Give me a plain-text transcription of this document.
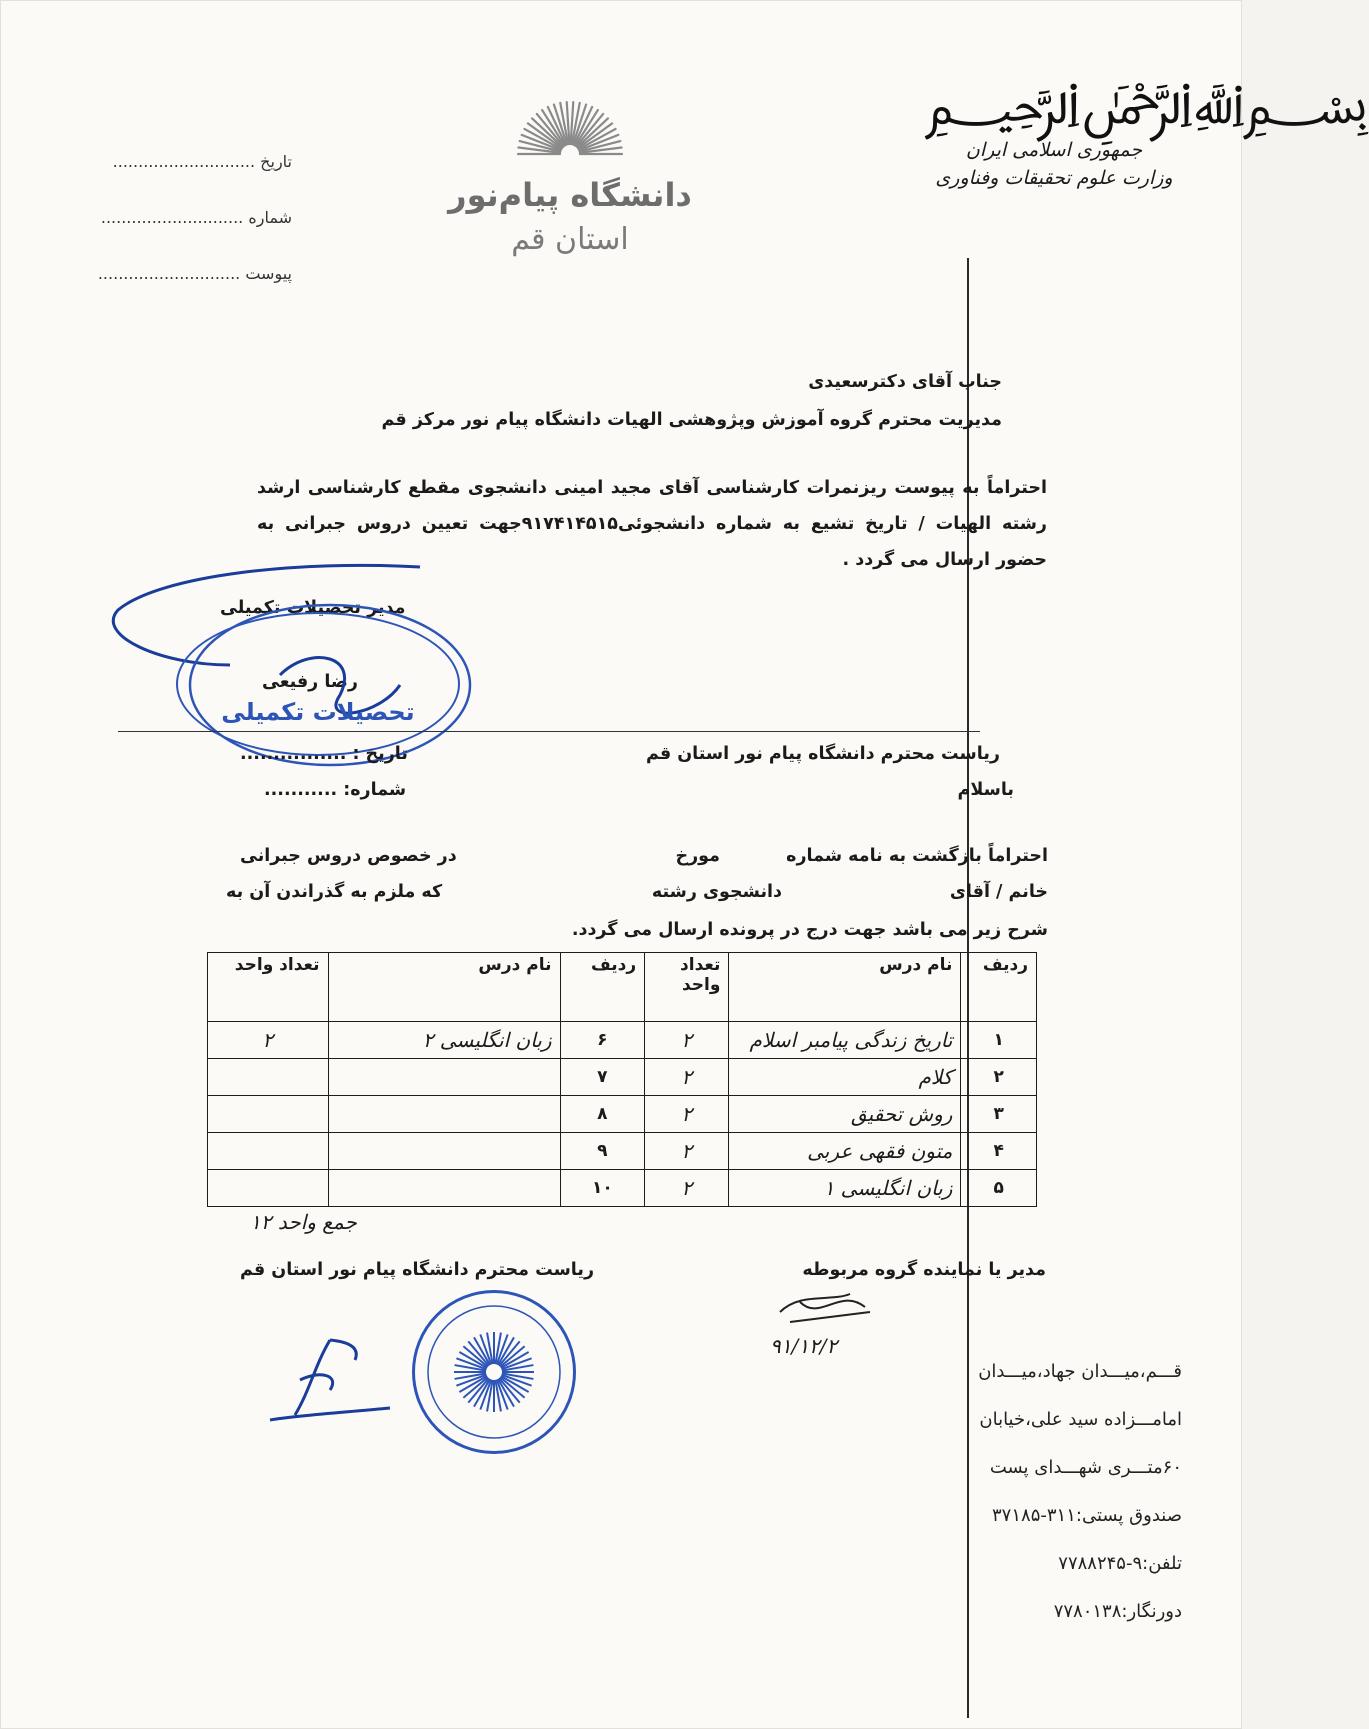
﷽
جمهوری اسلامی ایران
وزارت علوم تحقیقات وفناوری
دانشگاه پیام‌نور
استان قم
تاریخ ............................
شماره ............................
پیوست ............................
جناب آقای دکترسعیدی
مدیریت محترم گروه آموزش وپژوهشی الهیات دانشگاه پیام نور مرکز قم
احتراماً به پیوست ریزنمرات کارشناسی آقای مجید امینی دانشجوی مقطع کارشناسی ارشد رشته الهیات / تاریخ تشیع به شماره دانشجوئی۹۱۷۴۱۴۵۱۵جهت تعیین دروس جبرانی به حضور ارسال می گردد .
مدیر تحصیلات تکمیلی
رضا رفیعی
تحصیلات تکمیلی
تاریخ : ................
شماره: ...........
ریاست محترم دانشگاه پیام نور استان قم
باسلام
احتراماً بازگشت به نامه شماره
مورخ
در خصوص دروس جبرانی
خانم / آقای
دانشجوی رشته
که ملزم به گذراندن آن به
شرح زیر می باشد جهت درج در پرونده ارسال می گردد.
ردیف	نام درس	تعداد واحد	ردیف	نام درس	تعداد واحد
۱	تاریخ زندگی پیامبر اسلام	۲	۶	زبان انگلیسی ۲	۲
۲	کلام	۲	۷		
۳	روش تحقیق	۲	۸		
۴	متون فقهی عربی	۲	۹		
۵	زبان انگلیسی ۱	۲	۱۰		
جمع واحد ۱۲
مدیر یا نماینده گروه مربوطه
۹۱/۱۲/۲
ریاست محترم دانشگاه پیام نور استان قم
قـــم،میـــدان جهاد،میـــدان
امامـــزاده سید علی،خیابان
۶۰متـــری شهـــدای پست
صندوق پستی:۳۱۱-۳۷۱۸۵
تلفن:۹-۷۷۸۸۲۴۵
دورنگار:۷۷۸۰۱۳۸
